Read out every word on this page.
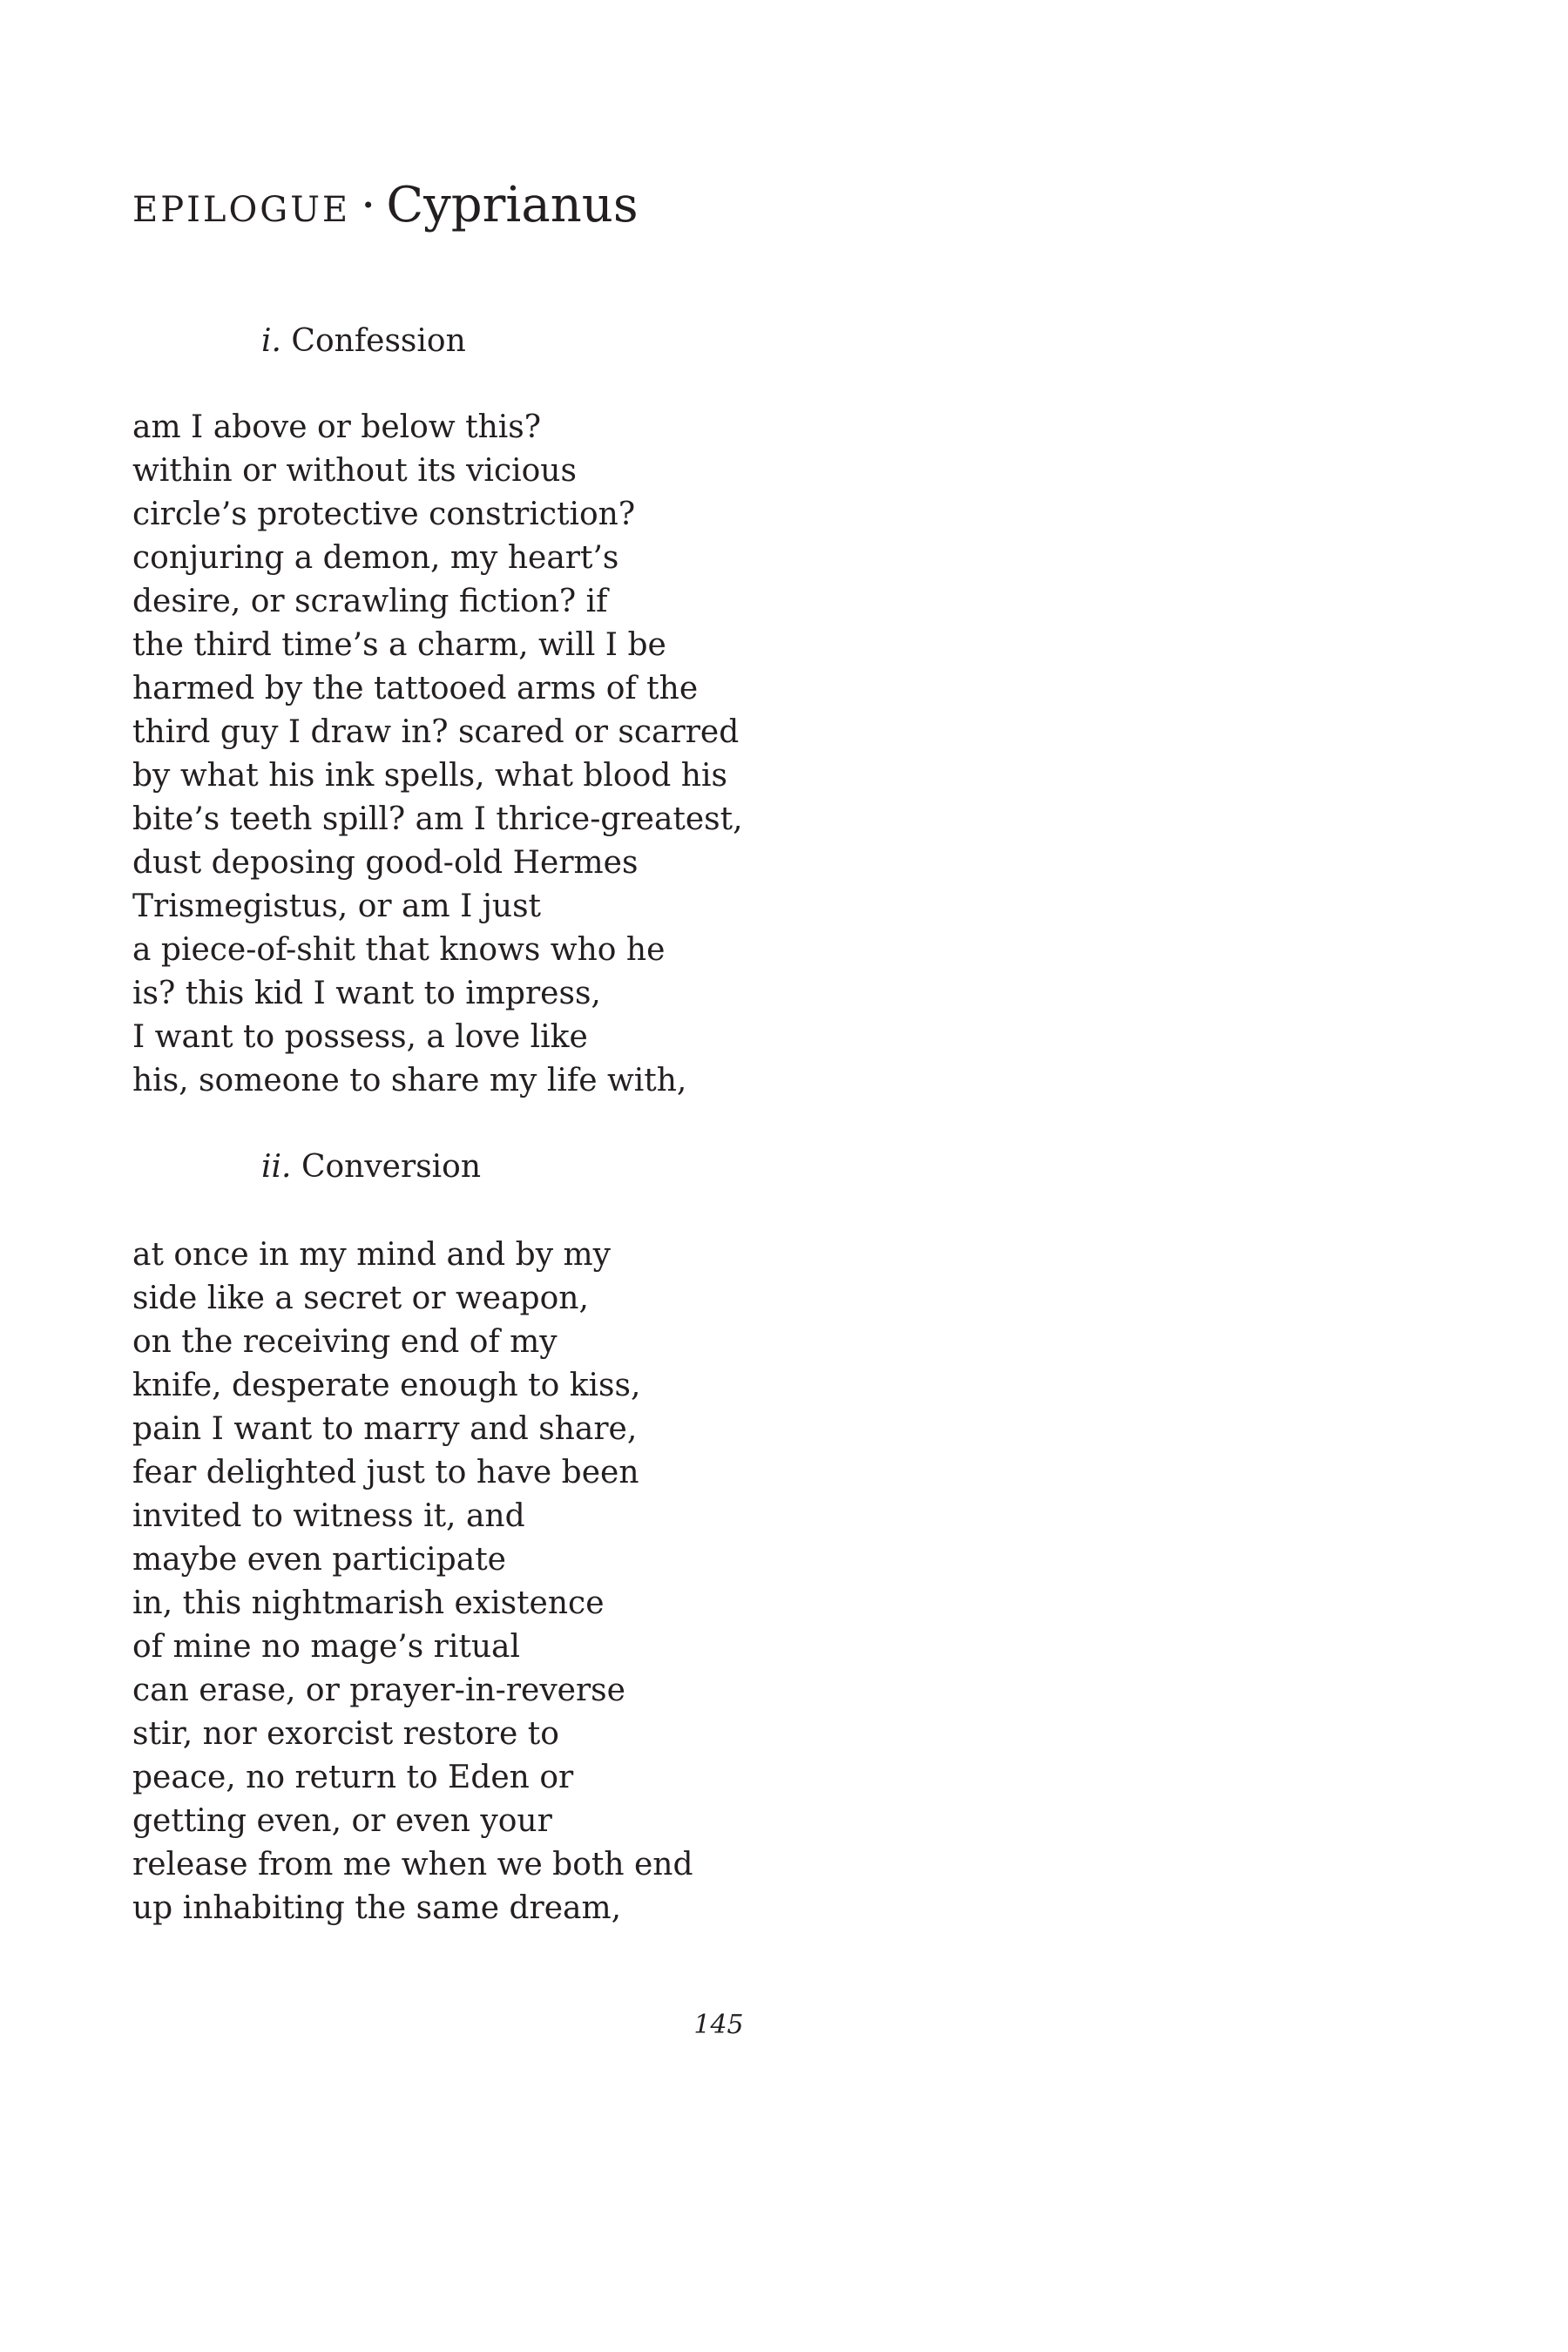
EPILOGUE · Cyprianus
i. Confession
am I above or below this?
within or without its vicious
circle’s protective constriction?
conjuring a demon, my heart’s
desire, or scrawling fiction? if
the third time’s a charm, will I be
harmed by the tattooed arms of the
third guy I draw in? scared or scarred
by what his ink spells, what blood his
bite’s teeth spill? am I thrice-greatest,
dust deposing good-old Hermes
Trismegistus, or am I just
a piece-of-shit that knows who he
is? this kid I want to impress,
I want to possess, a love like
his, someone to share my life with,
ii. Conversion
at once in my mind and by my
side like a secret or weapon,
on the receiving end of my
knife, desperate enough to kiss,
pain I want to marry and share,
fear delighted just to have been
invited to witness it, and
maybe even participate
in, this nightmarish existence
of mine no mage’s ritual
can erase, or prayer-in-reverse
stir, nor exorcist restore to
peace, no return to Eden or
getting even, or even your
release from me when we both end
up inhabiting the same dream,
145
